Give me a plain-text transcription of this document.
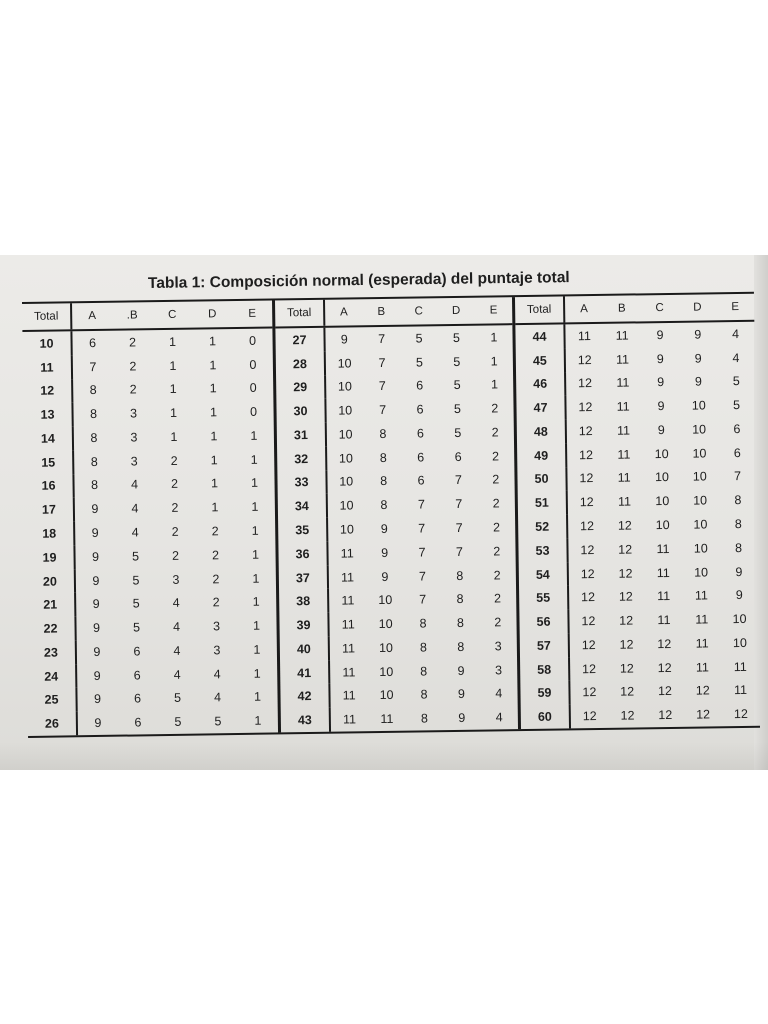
Tabla 1: Composición normal (esperada) del puntaje total
Total	A	.B	C	D	E
10	6	2	1	1	0
11	7	2	1	1	0
12	8	2	1	1	0
13	8	3	1	1	0
14	8	3	1	1	1
15	8	3	2	1	1
16	8	4	2	1	1
17	9	4	2	1	1
18	9	4	2	2	1
19	9	5	2	2	1
20	9	5	3	2	1
21	9	5	4	2	1
22	9	5	4	3	1
23	9	6	4	3	1
24	9	6	4	4	1
25	9	6	5	4	1
26	9	6	5	5	1
Total	A	B	C	D	E
27	9	7	5	5	1
28	10	7	5	5	1
29	10	7	6	5	1
30	10	7	6	5	2
31	10	8	6	5	2
32	10	8	6	6	2
33	10	8	6	7	2
34	10	8	7	7	2
35	10	9	7	7	2
36	11	9	7	7	2
37	11	9	7	8	2
38	11	10	7	8	2
39	11	10	8	8	2
40	11	10	8	8	3
41	11	10	8	9	3
42	11	10	8	9	4
43	11	11	8	9	4
Total	A	B	C	D	E
44	11	11	9	9	4
45	12	11	9	9	4
46	12	11	9	9	5
47	12	11	9	10	5
48	12	11	9	10	6
49	12	11	10	10	6
50	12	11	10	10	7
51	12	11	10	10	8
52	12	12	10	10	8
53	12	12	11	10	8
54	12	12	11	10	9
55	12	12	11	11	9
56	12	12	11	11	10
57	12	12	12	11	10
58	12	12	12	11	11
59	12	12	12	12	11
60	12	12	12	12	12
